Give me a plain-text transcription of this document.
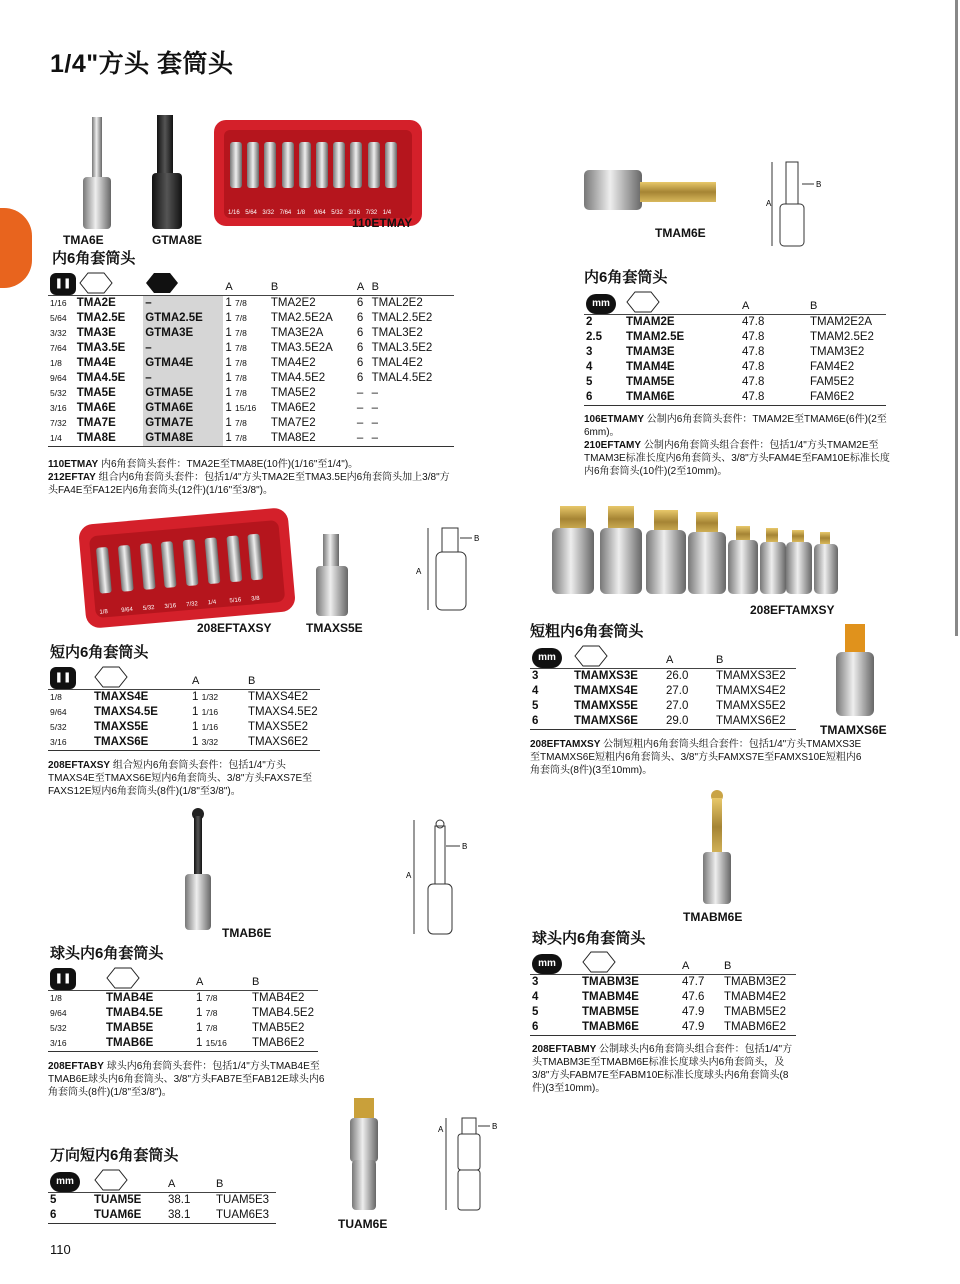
1/4"方头 套筒头
TMA6E	GTMA8E
1/16 5/64 3/32 7/64 1/8 9/64 5/32 3/16 7/32 1/4
110ETMAY
TMAM6E
A
B
内6角套筒头
❚❚			A	B	A	B
1/16	TMA2E	–	1 7/8	TMA2E2	6	TMAL2E2
5/64	TMA2.5E	GTMA2.5E	1 7/8	TMA2.5E2A	6	TMAL2.5E2
3/32	TMA3E	GTMA3E	1 7/8	TMA3E2A	6	TMAL3E2
7/64	TMA3.5E	–	1 7/8	TMA3.5E2A	6	TMAL3.5E2
1/8	TMA4E	GTMA4E	1 7/8	TMA4E2	6	TMAL4E2
9/64	TMA4.5E	–	1 7/8	TMA4.5E2	6	TMAL4.5E2
5/32	TMA5E	GTMA5E	1 7/8	TMA5E2	–	–
3/16	TMA6E	GTMA6E	1 15/16	TMA6E2	–	–
7/32	TMA7E	GTMA7E	1 7/8	TMA7E2	–	–
1/4	TMA8E	GTMA8E	1 7/8	TMA8E2	–	–
110ETMAY 内6角套筒头套件：TMA2E至TMA8E(10件)(1/16"至1/4")。
212EFTAY 组合内6角套筒头套件：包括1/4"方头TMA2E至TMA3.5E内6角套筒头加上3/8"方头FA4E至FA12E内6角套筒头(12件)(1/16"至3/8")。
内6角套筒头
mm		A	B
2	TMAM2E	47.8	TMAM2E2A
2.5	TMAM2.5E	47.8	TMAM2.5E2
3	TMAM3E	47.8	TMAM3E2
4	TMAM4E	47.8	FAM4E2
5	TMAM5E	47.8	FAM5E2
6	TMAM6E	47.8	FAM6E2
106ETMAMY 公制内6角套筒头套件：TMAM2E至TMAM6E(6件)(2至6mm)。
210EFTAMY 公制内6角套筒头组合套件：包括1/4"方头TMAM2E至TMAM3E标准长度内6角套筒头、3/8"方头FAM4E至FAM10E标准长度内6角套筒头(10件)(2至10mm)。
1/8 9/64 5/32 3/16 7/32 1/4 5/16 3/8
208EFTAXSY	TMAXS5E
A
B
208EFTAMXSY
短内6角套筒头
❚❚		A	B
1/8	TMAXS4E	1 1/32	TMAXS4E2
9/64	TMAXS4.5E	1 1/16	TMAXS4.5E2
5/32	TMAXS5E	1 1/16	TMAXS5E2
3/16	TMAXS6E	1 3/32	TMAXS6E2
208EFTAXSY 组合短内6角套筒头套件：包括1/4"方头TMAXS4E至TMAXS6E短内6角套筒头、3/8"方头FAXS7E至FAXS12E短内6角套筒头(8件)(1/8"至3/8")。
短粗内6角套筒头
mm		A	B
3	TMAMXS3E	26.0	TMAMXS3E2
4	TMAMXS4E	27.0	TMAMXS4E2
5	TMAMXS5E	27.0	TMAMXS5E2
6	TMAMXS6E	29.0	TMAMXS6E2
208EFTAMXSY 公制短粗内6角套筒头组合套件：包括1/4"方头TMAMXS3E至TMAMXS6E短粗内6角套筒头、3/8"方头FAMXS7E至FAMXS10E短粗内6角套筒头(8件)(3至10mm)。
TMAMXS6E
TMAB6E
A
B
TMABM6E
球头内6角套筒头
❚❚		A	B
1/8	TMAB4E	1 7/8	TMAB4E2
9/64	TMAB4.5E	1 7/8	TMAB4.5E2
5/32	TMAB5E	1 7/8	TMAB5E2
3/16	TMAB6E	1 15/16	TMAB6E2
208EFTABY 球头内6角套筒头套件：包括1/4"方头TMAB4E至TMAB6E球头内6角套筒头、3/8"方头FAB7E至FAB12E球头内6角套筒头(8件)(1/8"至3/8")。
球头内6角套筒头
mm		A	B
3	TMABM3E	47.7	TMABM3E2
4	TMABM4E	47.6	TMABM4E2
5	TMABM5E	47.9	TMABM5E2
6	TMABM6E	47.9	TMABM6E2
208EFTABMY 公制球头内6角套筒头组合套件：包括1/4"方头TMABM3E至TMABM6E标准长度球头内6角套筒头，及3/8"方头FABM7E至FABM10E标准长度球头内6角套筒头(8件)(3至10mm)。
万向短内6角套筒头
mm		A	B
5	TUAM5E	38.1	TUAM5E3
6	TUAM6E	38.1	TUAM6E3
TUAM6E
A	B
110
